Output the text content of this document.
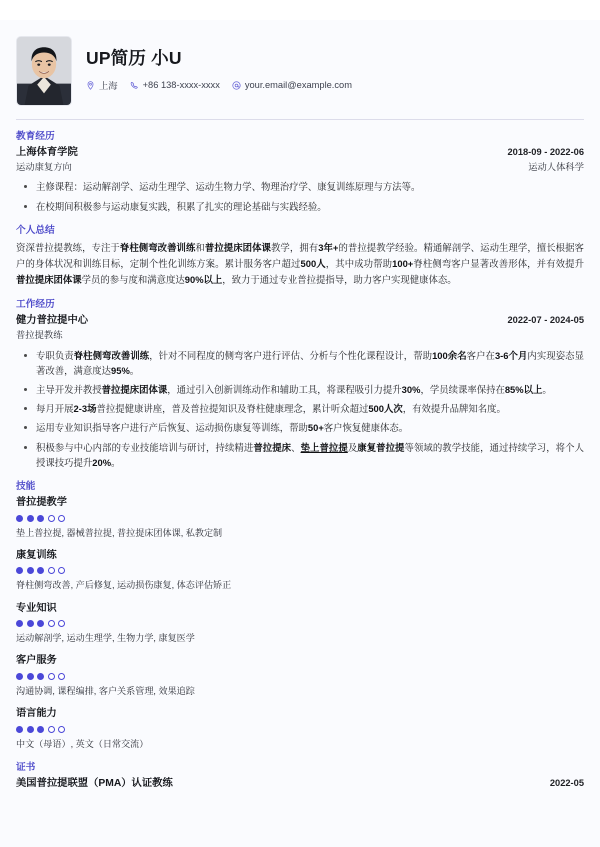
UP简历 小U
上海	+86 138-xxxx-xxxx	your.email@example.com
教育经历
上海体育学院	2018-09 - 2022-06
运动康复方向	运动人体科学
主修课程：运动解剖学、运动生理学、运动生物力学、物理治疗学、康复训练原理与方法等。
在校期间积极参与运动康复实践，积累了扎实的理论基础与实践经验。
个人总结
资深普拉提教练，专注于脊柱侧弯改善训练和普拉提床团体课教学，拥有3年+的普拉提教学经验。精通解剖学、运动生理学，擅长根据客户的身体状况和训练目标，定制个性化训练方案。累计服务客户超过500人，其中成功帮助100+脊柱侧弯客户显著改善形体，并有效提升普拉提床团体课学员的参与度和满意度达90%以上，致力于通过专业普拉提指导，助力客户实现健康体态。
工作经历
健力普拉提中心	2022-07 - 2024-05
普拉提教练
专职负责脊柱侧弯改善训练，针对不同程度的侧弯客户进行评估、分析与个性化课程设计，帮助100余名客户在3-6个月内实现姿态显著改善，满意度达95%。
主导开发并教授普拉提床团体课，通过引入创新训练动作和辅助工具，将课程吸引力提升30%，学员续课率保持在85%以上。
每月开展2-3场普拉提健康讲座，普及普拉提知识及脊柱健康理念，累计听众超过500人次，有效提升品牌知名度。
运用专业知识指导客户进行产后恢复、运动损伤康复等训练，帮助50+客户恢复健康体态。
积极参与中心内部的专业技能培训与研讨，持续精进普拉提床、垫上普拉提及康复普拉提等领域的教学技能，通过持续学习，将个人授课技巧提升20%。
技能
普拉提教学
垫上普拉提, 器械普拉提, 普拉提床团体课, 私教定制
康复训练
脊柱侧弯改善, 产后修复, 运动损伤康复, 体态评估矫正
专业知识
运动解剖学, 运动生理学, 生物力学, 康复医学
客户服务
沟通协调, 课程编排, 客户关系管理, 效果追踪
语言能力
中文（母语）, 英文（日常交流）
证书
美国普拉提联盟（PMA）认证教练	2022-05
